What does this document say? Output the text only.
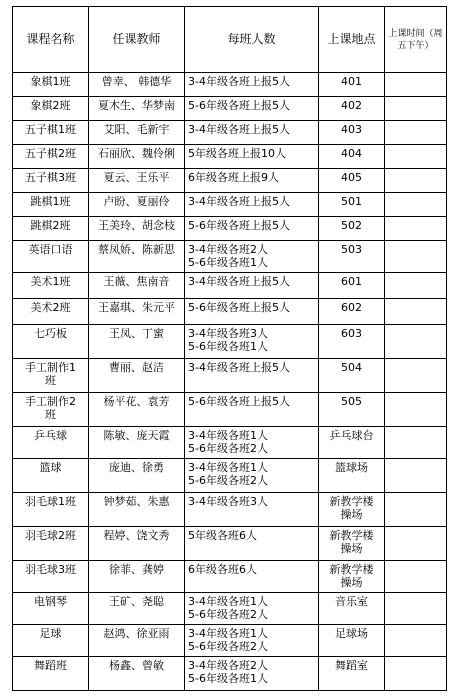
课程名称	任课教师	每班人数	上课地点	上课时间（周五下午）

象棋1班	曾幸、 韩德华	3-4年级各班上报5人	401	

象棋2班	夏木生、华梦南	5-6年级各班上报5人	402	

五子棋1班	艾阳、毛新宇	3-4年级各班上报5人	403	

五子棋2班	石丽欣、魏伶俐	5年级各班上报10人	404	

五子棋3班	夏云、王乐平	6年级各班上报9人	405	

跳棋1班	卢盼、夏丽伶	3-4年级各班上报5人	501	

跳棋2班	王美玲、胡念枝	5-6年级各班上报5人	502	

英语口语	蔡凤娇、陈新思	3-4年级各班2人
5-6年级各班1人	503	

美术1班	王薇、焦南音	3-4年级各班上报5人	601	

美术2班	王嘉琪、朱元平	5-6年级各班上报5人	602	

七巧板	王凤、丁蜜	3-4年级各班3人
5-6年级各班1人	603	

手工制作1
班	曹丽、赵洁	3-4年级各班上报5人	504	

手工制作2
班	杨平花、袁芳	5-6年级各班上报5人	505	

乒乓球	陈敏、庞天霞	3-4年级各班1人
5-6年级各班2人	乒乓球台	

篮球	庞迪、徐勇	3-4年级各班1人
5-6年级各班2人	篮球场	

羽毛球1班	钟梦茹、朱惠	3-4年级各班3人	新教学楼
操场	

羽毛球2班	程婷、饶文秀	5年级各班6人	新教学楼
操场	

羽毛球3班	徐菲、龚婷	6年级各班6人	新教学楼
操场	

电钢琴	王矿、尧聪	3-4年级各班1人
5-6年级各班2人	音乐室	

足球	赵鸿、徐亚雨	3-4年级各班1人
5-6年级各班2人	足球场	

舞蹈班	杨鑫、曾敏	3-4年级各班2人
5-6年级各班1人	舞蹈室	
